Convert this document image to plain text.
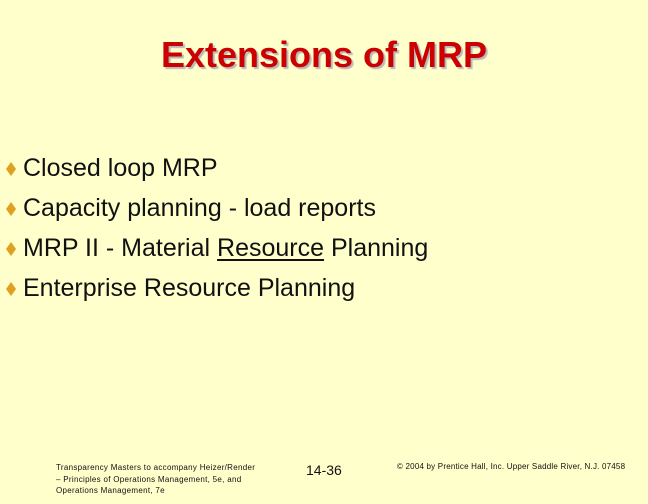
Extensions of MRP
Closed loop MRP
Capacity planning - load reports
MRP II - Material Resource Planning
Enterprise Resource Planning
Transparency Masters to accompany Heizer/Render – Principles of Operations Management, 5e, and Operations Management, 7e
14-36	© 2004 by Prentice Hall, Inc. Upper Saddle River, N.J. 07458
